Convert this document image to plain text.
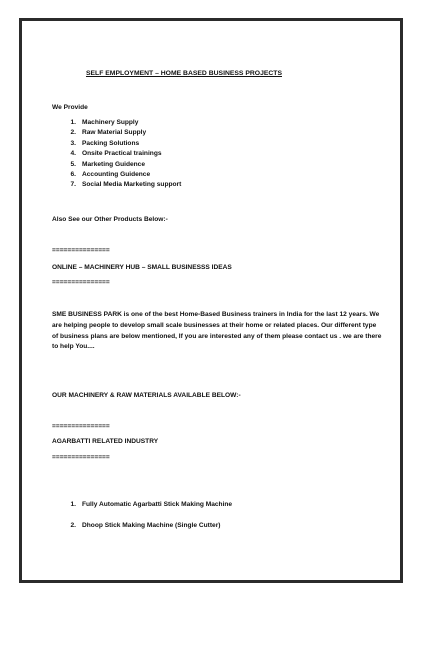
SELF EMPLOYMENT – HOME BASED BUSINESS PROJECTS
We Provide
1. Machinery Supply
2. Raw Material Supply
3. Packing Solutions
4. Onsite Practical trainings
5. Marketing Guidence
6. Accounting Guidence
7. Social Media Marketing support
Also See our Other Products Below:-
===============
ONLINE – MACHINERY HUB – SMALL BUSINESSS IDEAS
===============
SME BUSINESS PARK is one of the best Home-Based Business trainers in India for the last 12 years. We are helping people to develop small scale businesses at their home or related places. Our different type of business plans are below mentioned, If you are interested any of them please contact us . we are there to help You....
OUR MACHINERY & RAW MATERIALS AVAILABLE BELOW:-
===============
AGARBATTI RELATED INDUSTRY
===============
1. Fully Automatic Agarbatti Stick Making Machine
2. Dhoop Stick Making Machine (Single Cutter)
